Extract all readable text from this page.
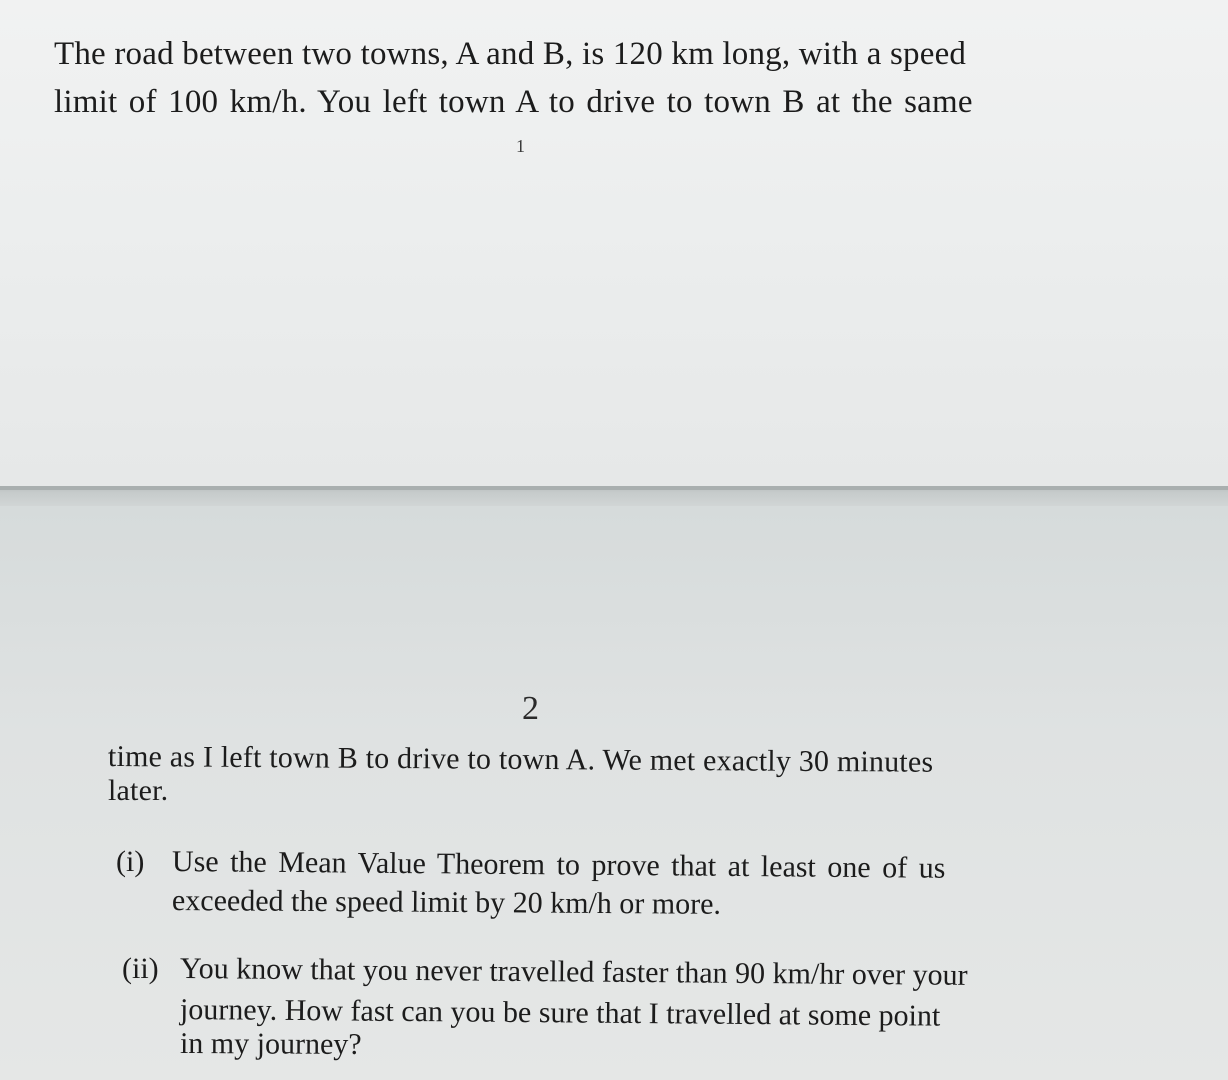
The road between two towns, A and B, is 120 km long, with a speed
limit of 100 km/h. You left town A to drive to town B at the same
1
2
time as I left town B to drive to town A. We met exactly 30 minutes
later.
(i) Use the Mean Value Theorem to prove that at least one of us
exceeded the speed limit by 20 km/h or more.
(ii) You know that you never travelled faster than 90 km/hr over your
journey. How fast can you be sure that I travelled at some point
in my journey?
